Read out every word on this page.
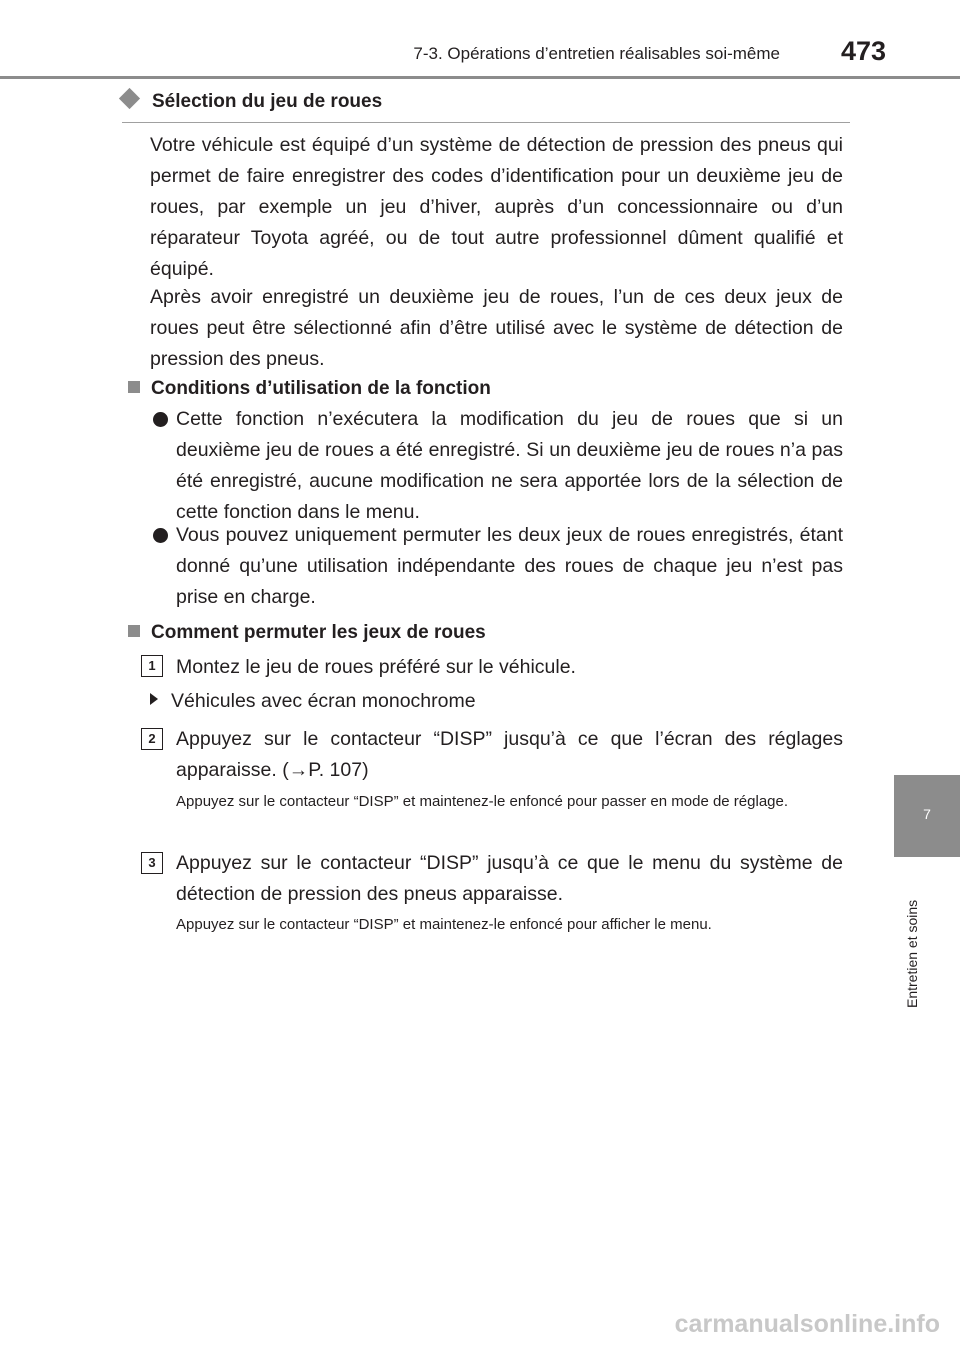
7-3. Opérations d’entretien réalisables soi-même	473
7
Entretien et soins
Sélection du jeu de roues

Votre véhicule est équipé d’un système de détection de pression des pneus qui permet de faire enregistrer des codes d’identification pour un deuxième jeu de roues, par exemple un jeu d’hiver, auprès d’un concessionnaire ou d’un réparateur Toyota agréé, ou de tout autre professionnel dûment qualifié et équipé.

Après avoir enregistré un deuxième jeu de roues, l’un de ces deux jeux de roues peut être sélectionné afin d’être utilisé avec le système de détection de pression des pneus.

Conditions d’utilisation de la fonction
Cette fonction n’exécutera la modification du jeu de roues que si un deuxième jeu de roues a été enregistré. Si un deuxième jeu de roues n’a pas été enregistré, aucune modification ne sera apportée lors de la sélection de cette fonction dans le menu.
Vous pouvez uniquement permuter les deux jeux de roues enregistrés, étant donné qu’une utilisation indépendante des roues de chaque jeu n’est pas prise en charge.
Comment permuter les jeux de roues
1	Montez le jeu de roues préféré sur le véhicule.
Véhicules avec écran monochrome
2	Appuyez sur le contacteur “DISP” jusqu’à ce que l’écran des réglages apparaisse. (→P. 107)
Appuyez sur le contacteur “DISP” et maintenez-le enfoncé pour passer en mode de réglage.
3	Appuyez sur le contacteur “DISP” jusqu’à ce que le menu du système de détection de pression des pneus apparaisse.
Appuyez sur le contacteur “DISP” et maintenez-le enfoncé pour afficher le menu.
carmanualsonline.info
